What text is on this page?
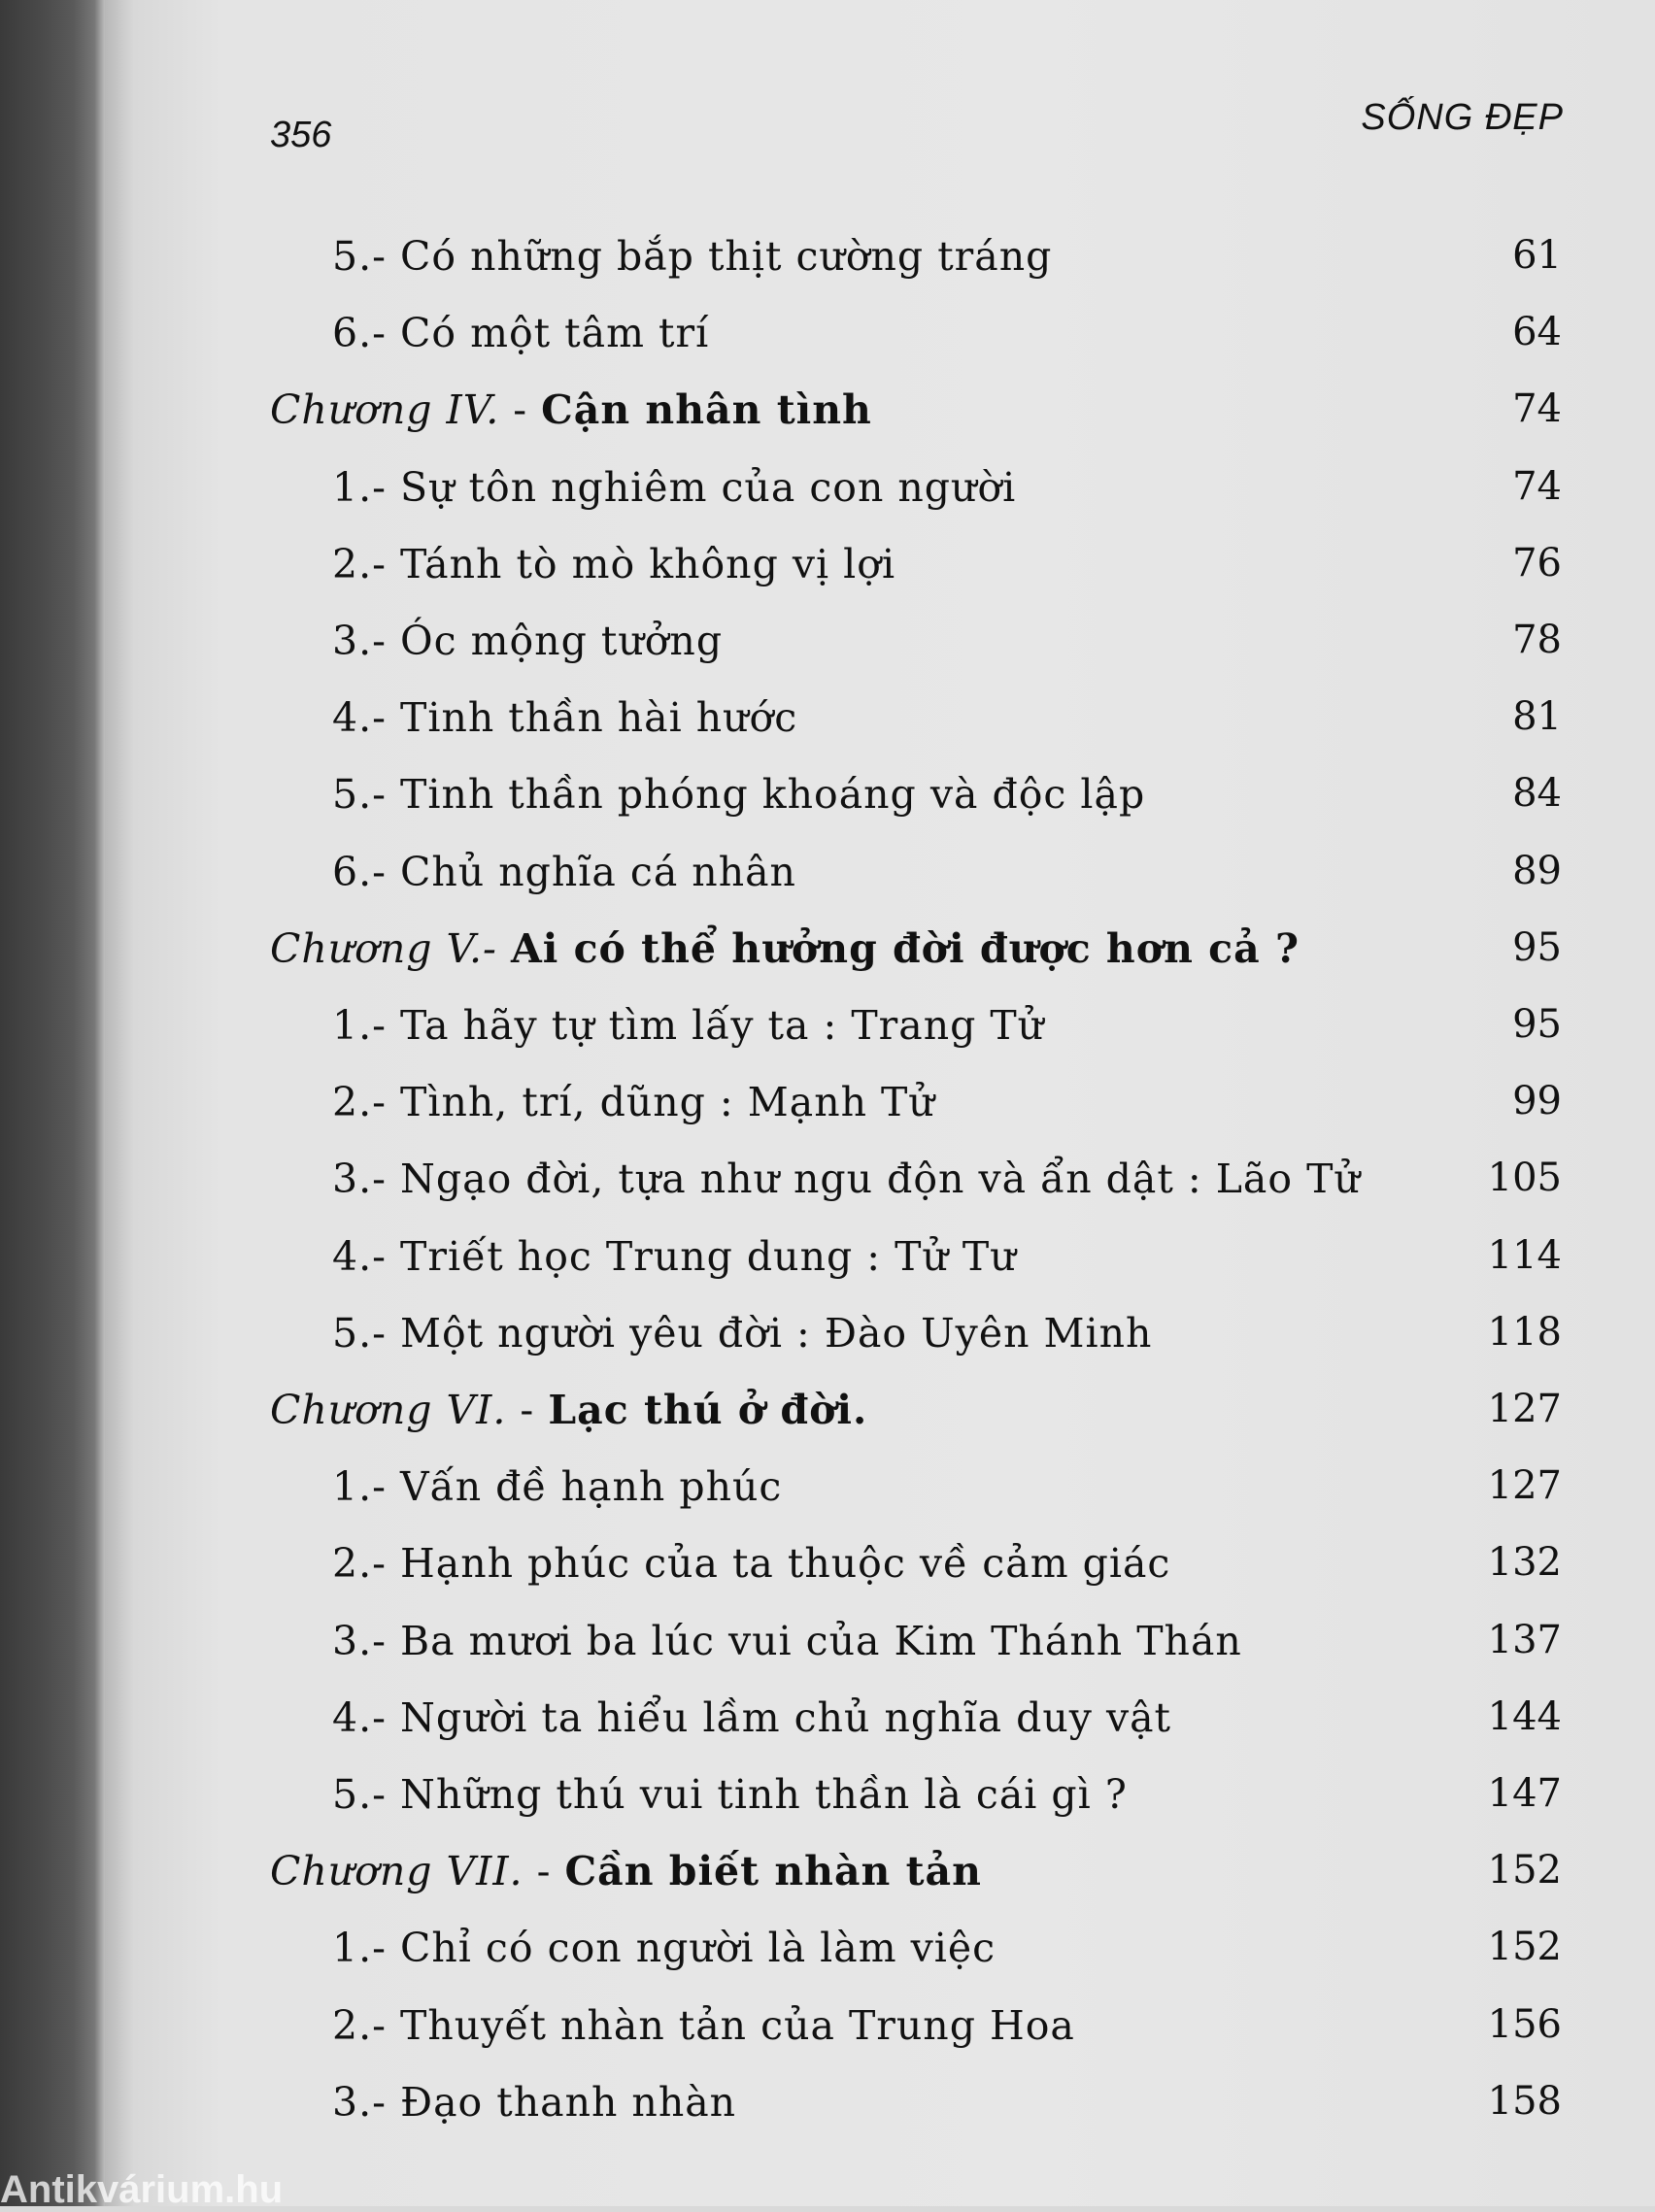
356	SỐNG ĐẸP
5.- Có những bắp thịt cường tráng	61
6.- Có một tâm trí	64
Chương IV. - Cận nhân tình	74
1.- Sự tôn nghiêm của con người	74
2.- Tánh tò mò không vị lợi	76
3.- Óc mộng tưởng	78
4.- Tinh thần hài hước	81
5.- Tinh thần phóng khoáng và độc lập	84
6.- Chủ nghĩa cá nhân	89
Chương V.- Ai có thể hưởng đời được hơn cả ?	95
1.- Ta hãy tự tìm lấy ta : Trang Tử	95
2.- Tình, trí, dũng : Mạnh Tử	99
3.- Ngạo đời, tựa như ngu độn và ẩn dật : Lão Tử	105
4.- Triết học Trung dung : Tử Tư	114
5.- Một người yêu đời : Đào Uyên Minh	118
Chương VI. - Lạc thú ở đời.	127
1.- Vấn đề hạnh phúc	127
2.- Hạnh phúc của ta thuộc về cảm giác	132
3.- Ba mươi ba lúc vui của Kim Thánh Thán	137
4.- Người ta hiểu lầm chủ nghĩa duy vật	144
5.- Những thú vui tinh thần là cái gì ?	147
Chương VII. - Cần biết nhàn tản	152
1.- Chỉ có con người là làm việc	152
2.- Thuyết nhàn tản của Trung Hoa	156
3.- Đạo thanh nhàn	158
Antikvárium.hu
